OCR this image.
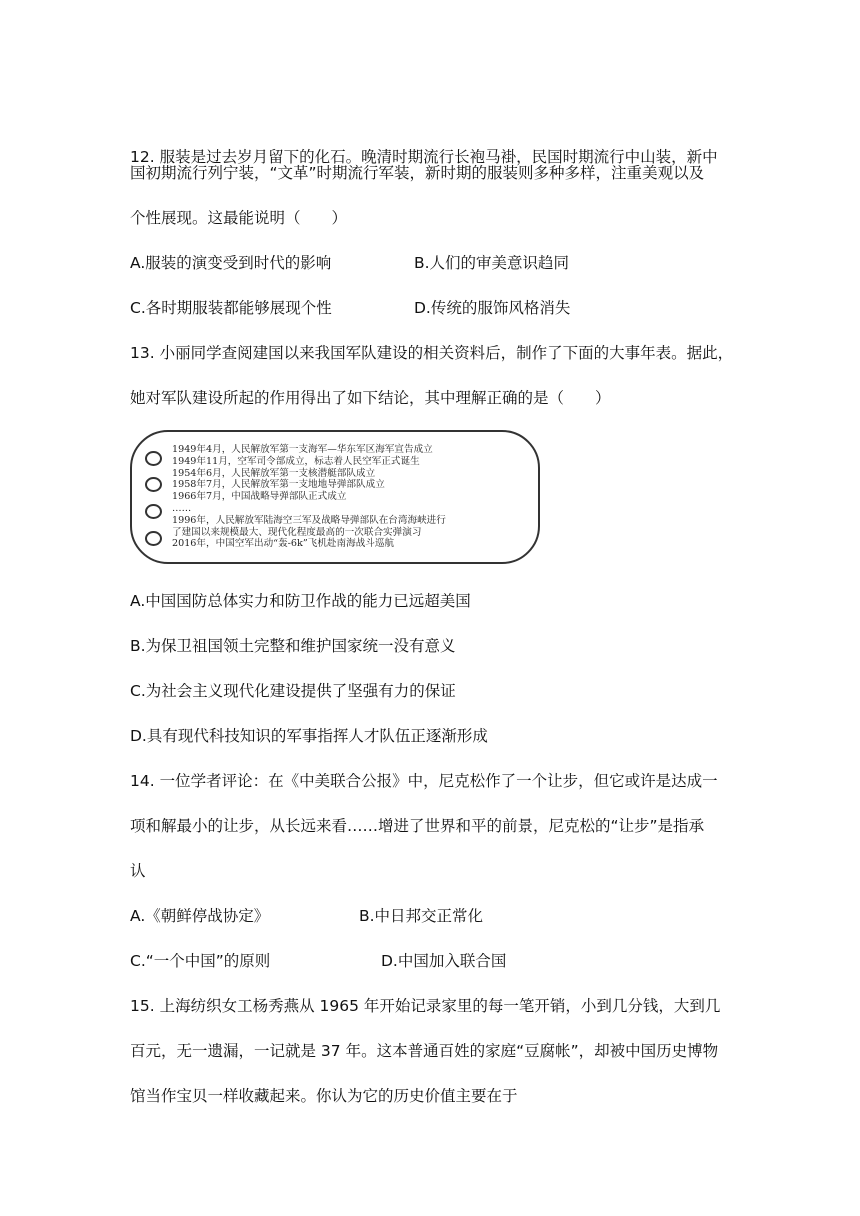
12. 服装是过去岁月留下的化石。晚清时期流行长袍马褂，民国时期流行中山装，新中
国初期流行列宁装，“文革”时期流行军装，新时期的服装则多种多样，注重美观以及
个性展现。这最能说明（　　）
A.服装的演变受到时代的影响	B.人们的审美意识趋同
C.各时期服装都能够展现个性	D.传统的服饰风格消失
13. 小丽同学查阅建国以来我国军队建设的相关资料后，制作了下面的大事年表。据此，
她对军队建设所起的作用得出了如下结论，其中理解正确的是（　　）
1949年4月，人民解放军第一支海军—华东军区海军宣告成立
1949年11月，空军司令部成立，标志着人民空军正式诞生
1954年6月，人民解放军第一支核潜艇部队成立
1958年7月，人民解放军第一支地地导弹部队成立
1966年7月，中国战略导弹部队正式成立
……
1996年，人民解放军陆海空三军及战略导弹部队在台湾海峡进行
了建国以来规模最大、现代化程度最高的一次联合实弹演习
2016年，中国空军出动“轰-6k”飞机赴南海战斗巡航
A.中国国防总体实力和防卫作战的能力已远超美国
B.为保卫祖国领土完整和维护国家统一没有意义
C.为社会主义现代化建设提供了坚强有力的保证
D.具有现代科技知识的军事指挥人才队伍正逐渐形成
14. 一位学者评论：在《中美联合公报》中，尼克松作了一个让步，但它或许是达成一
项和解最小的让步，从长远来看……增进了世界和平的前景，尼克松的“让步”是指承
认
A.《朝鲜停战协定》	B.中日邦交正常化
C.“一个中国”的原则	D.中国加入联合国
15. 上海纺织女工杨秀燕从 1965 年开始记录家里的每一笔开销，小到几分钱，大到几
百元，无一遗漏，一记就是 37 年。这本普通百姓的家庭“豆腐帐”，却被中国历史博物
馆当作宝贝一样收藏起来。你认为它的历史价值主要在于
